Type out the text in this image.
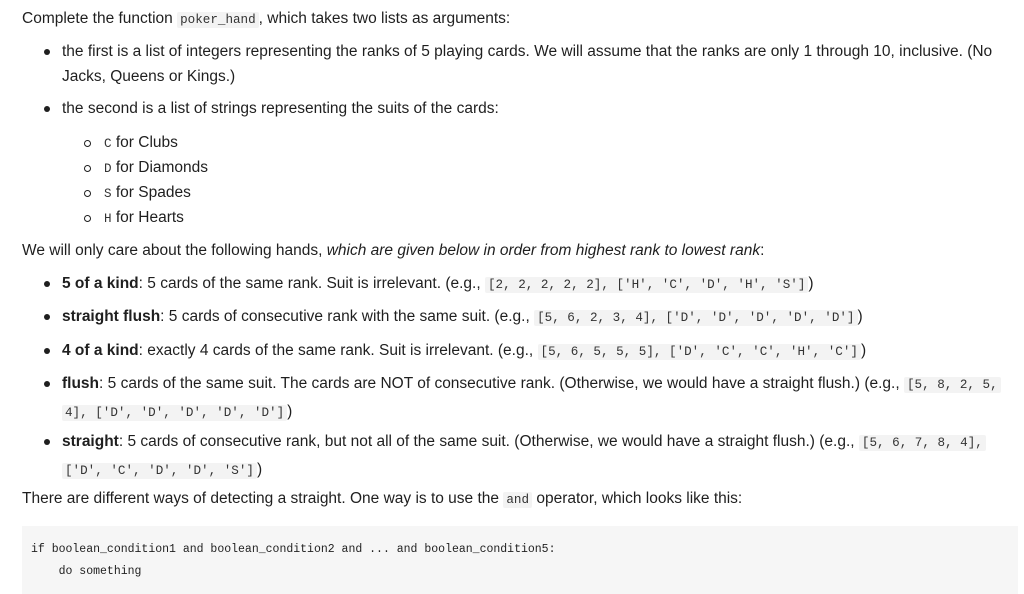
Complete the function poker_hand , which takes two lists as arguments:
the first is a list of integers representing the ranks of 5 playing cards. We will assume that the ranks are only 1 through 10, inclusive. (No
Jacks, Queens or Kings.)
the second is a list of strings representing the suits of the cards:
C for Clubs
D for Diamonds
S for Spades
H for Hearts
We will only care about the following hands, which are given below in order from highest rank to lowest rank:
5 of a kind: 5 cards of the same rank. Suit is irrelevant. (e.g., [2, 2, 2, 2, 2], ['H', 'C', 'D', 'H', 'S'] )
straight flush: 5 cards of consecutive rank with the same suit. (e.g., [5, 6, 2, 3, 4], ['D', 'D', 'D', 'D', 'D'] )
4 of a kind: exactly 4 cards of the same rank. Suit is irrelevant. (e.g., [5, 6, 5, 5, 5], ['D', 'C', 'C', 'H', 'C'] )
flush: 5 cards of the same suit. The cards are NOT of consecutive rank. (Otherwise, we would have a straight flush.) (e.g., [5, 8, 2, 5,
4], ['D', 'D', 'D', 'D', 'D'] )
straight: 5 cards of consecutive rank, but not all of the same suit. (Otherwise, we would have a straight flush.) (e.g., [5, 6, 7, 8, 4],
['D', 'C', 'D', 'D', 'S'] )
There are different ways of detecting a straight. One way is to use the and operator, which looks like this:
if boolean_condition1 and boolean_condition2 and ... and boolean_condition5:
do something
